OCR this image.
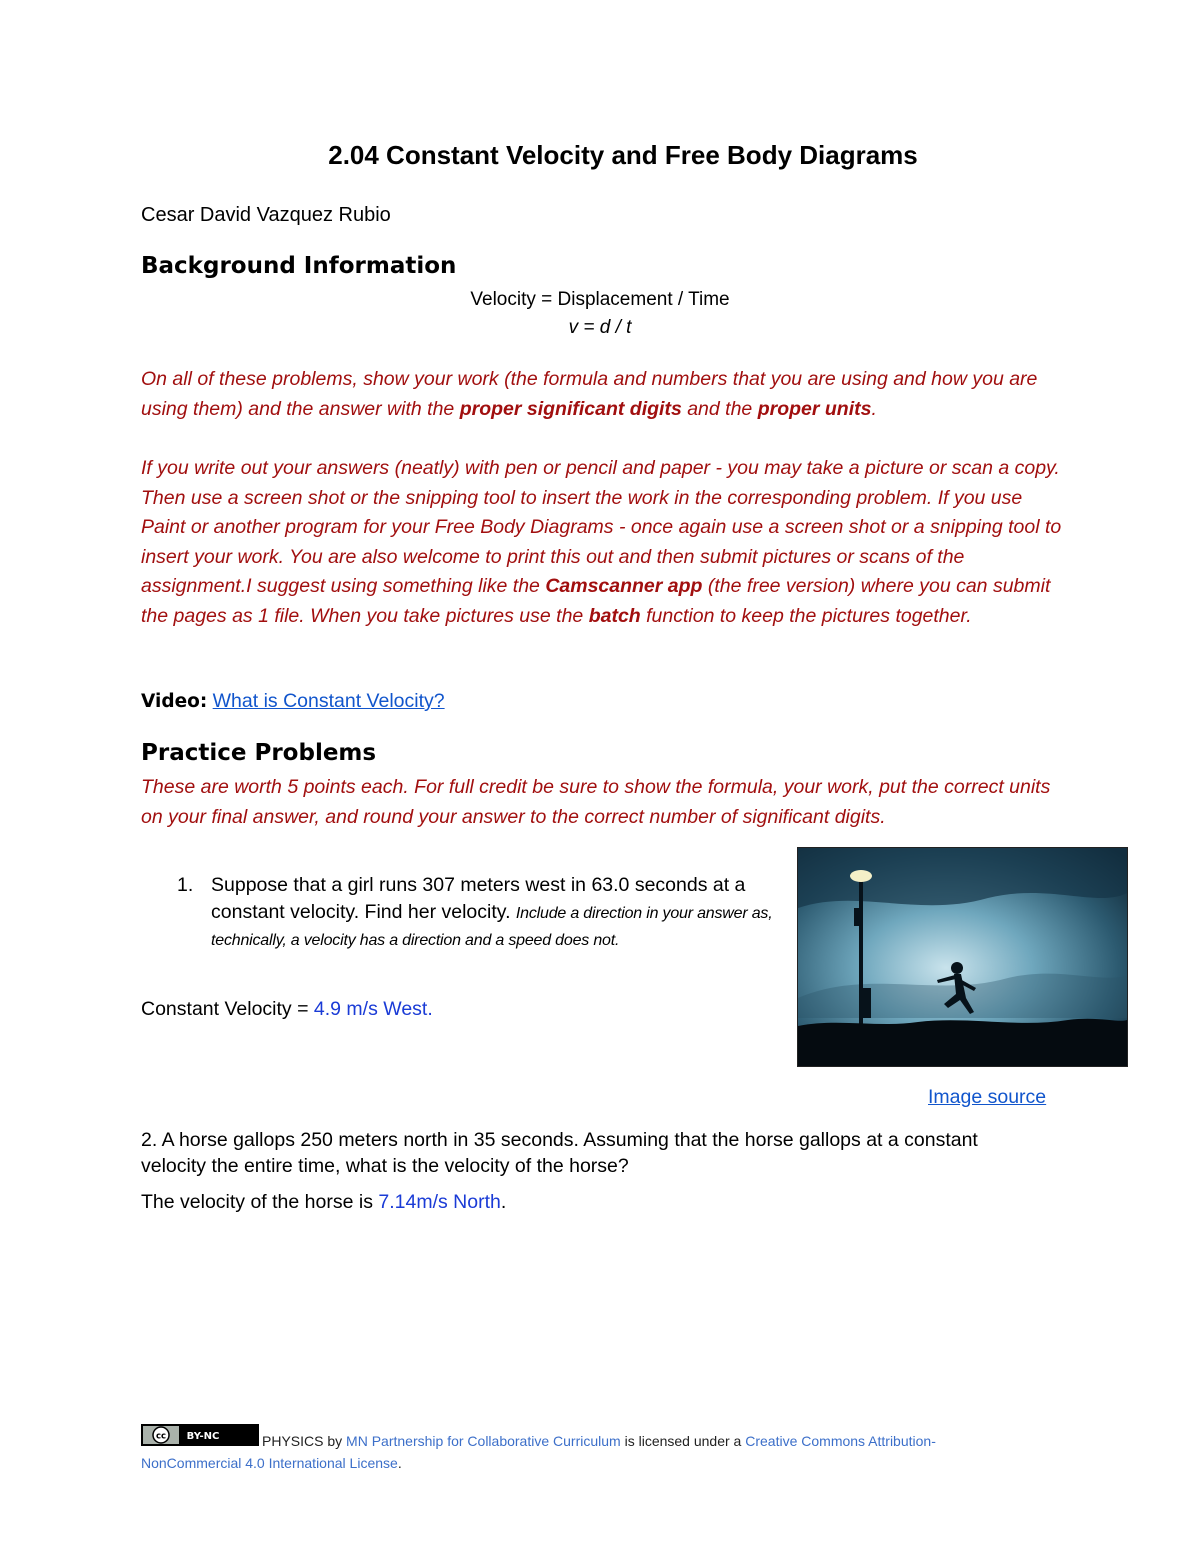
2.04 Constant Velocity and Free Body Diagrams
Cesar David Vazquez Rubio
Background Information
Velocity = Displacement / Time
v = d / t
On all of these problems, show your work (the formula and numbers that you are using and how you are using them) and the answer with the proper significant digits and the proper units.
If you write out your answers (neatly) with pen or pencil and paper - you may take a picture or scan a copy. Then use a screen shot or the snipping tool to insert the work in the corresponding problem. If you use Paint or another program for your Free Body Diagrams - once again use a screen shot or a snipping tool to insert your work. You are also welcome to print this out and then submit pictures or scans of the assignment.I suggest using something like the Camscanner app (the free version) where you can submit the pages as 1 file. When you take pictures use the batch function to keep the pictures together.
Video: What is Constant Velocity?
Practice Problems
These are worth 5 points each. For full credit be sure to show the formula, your work, put the correct units on your final answer, and round your answer to the correct number of significant digits.
1. Suppose that a girl runs 307 meters west in 63.0 seconds at a constant velocity. Find her velocity. Include a direction in your answer as, technically, a velocity has a direction and a speed does not.
Constant Velocity = 4.9 m/s West.
Image source
2. A horse gallops 250 meters north in 35 seconds. Assuming that the horse gallops at a constant velocity the entire time, what is the velocity of the horse?
The velocity of the horse is 7.14m/s North.
cc BY-NC	PHYSICS by MN Partnership for Collaborative Curriculum is licensed under a Creative Commons Attribution-NonCommercial 4.0 International License.
